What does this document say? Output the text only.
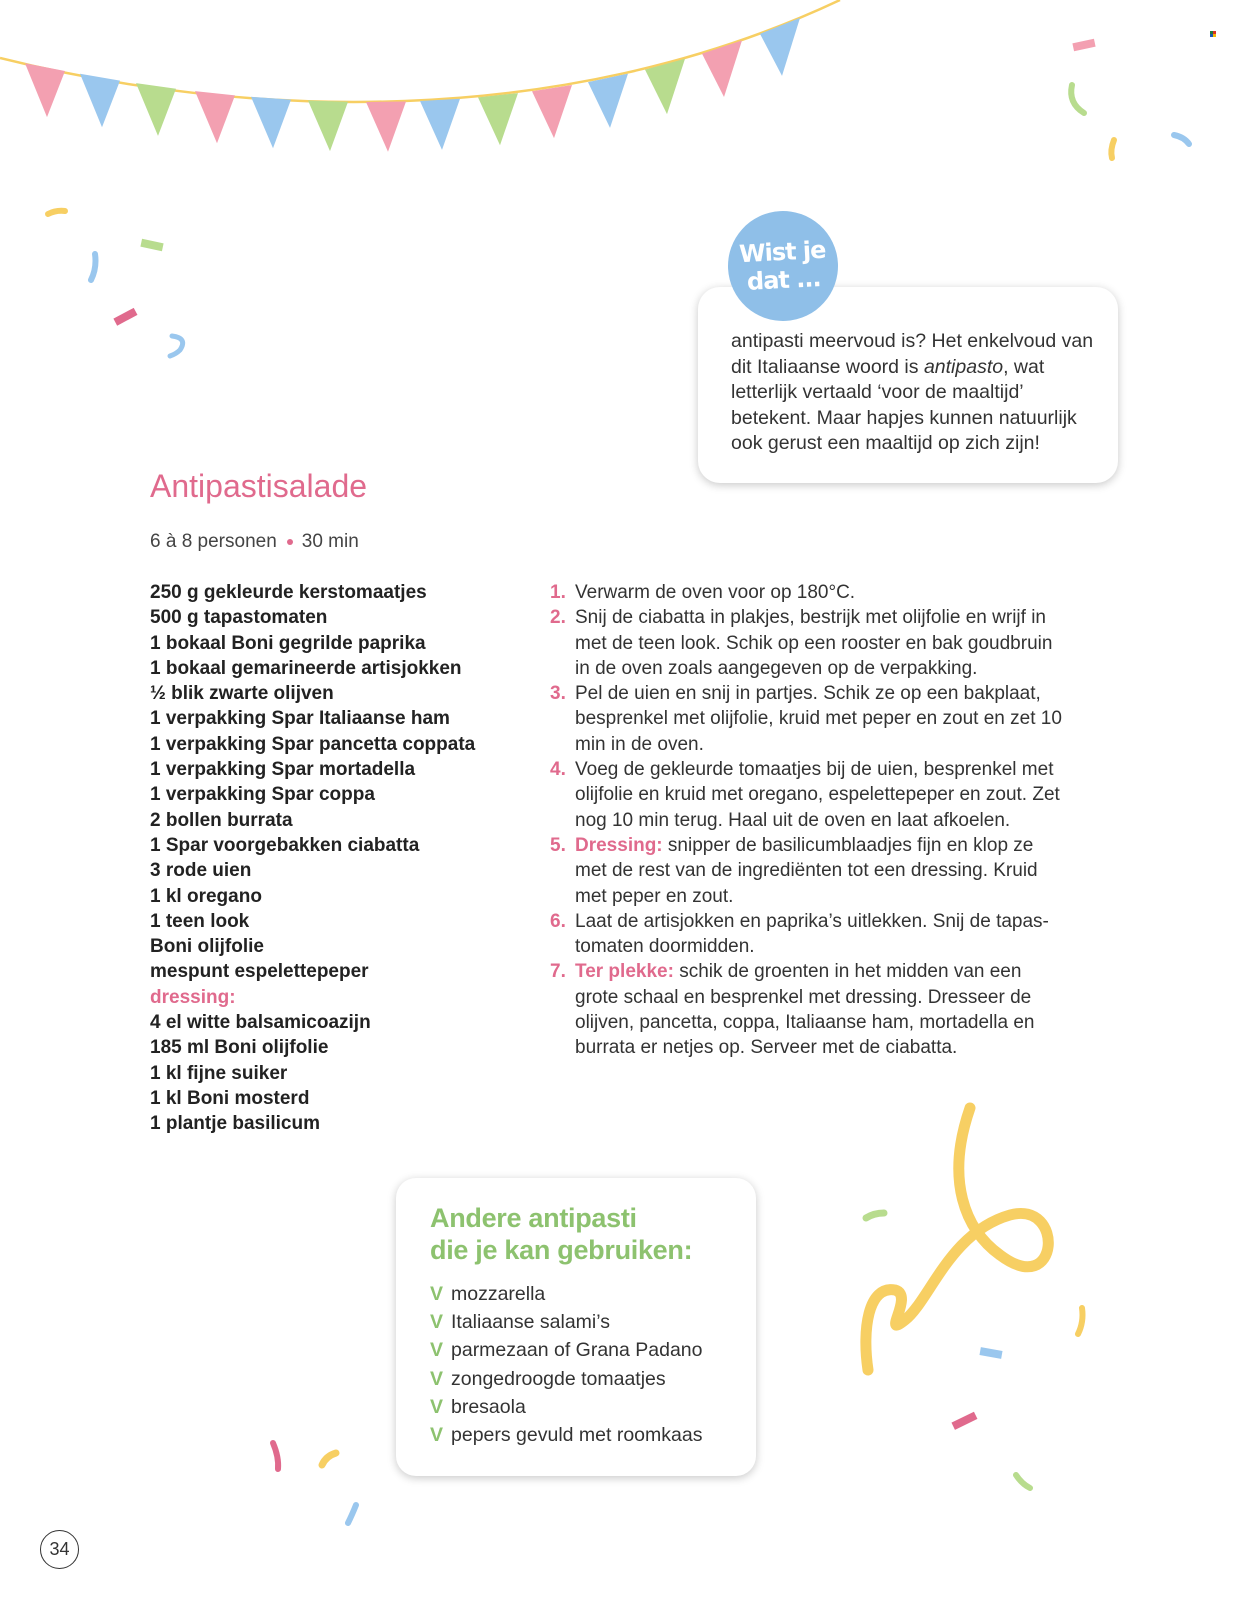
antipasti meervoud is? Het enkelvoud van dit Italiaanse woord is antipasto, wat letterlijk vertaald ‘voor de maaltijd’ betekent. Maar hapjes kunnen natuurlijk ook gerust een maaltijd op zich zijn!

Wist je
dat ...
Antipastisalade
6 à 8 personen 30 min
250 g gekleurde kerstomaatjes
500 g tapastomaten
1 bokaal Boni gegrilde paprika
1 bokaal gemarineerde artisjokken
½ blik zwarte olijven
1 verpakking Spar Italiaanse ham
1 verpakking Spar pancetta coppata
1 verpakking Spar mortadella
1 verpakking Spar coppa
2 bollen burrata
1 Spar voorgebakken ciabatta
3 rode uien
1 kl oregano
1 teen look
Boni olijfolie
mespunt espelettepeper
dressing:
4 el witte balsamicoazijn
185 ml Boni olijfolie
1 kl fijne suiker
1 kl Boni mosterd
1 plantje basilicum
1. Verwarm de oven voor op 180°C.
2. Snij de ciabatta in plakjes, bestrijk met olijfolie en wrijf in met de teen look. Schik op een rooster en bak goudbruin in de oven zoals aangegeven op de verpakking.
3. Pel de uien en snij in partjes. Schik ze op een bakplaat, besprenkel met olijfolie, kruid met peper en zout en zet 10 min in de oven.
4. Voeg de gekleurde tomaatjes bij de uien, besprenkel met olijfolie en kruid met oregano, espelettepeper en zout. Zet nog 10 min terug. Haal uit de oven en laat afkoelen.
5. Dressing: snipper de basilicumblaadjes fijn en klop ze met de rest van de ingrediënten tot een dressing. Kruid met peper en zout.
6. Laat de artisjokken en paprika’s uitlekken. Snij de tapas-tomaten doormidden.
7. Ter plekke: schik de groenten in het midden van een grote schaal en besprenkel met dressing. Dresseer de olijven, pancetta, coppa, Italiaanse ham, mortadella en burrata er netjes op. Serveer met de ciabatta.
Andere antipasti
die je kan gebruiken:
V mozzarella
V Italiaanse salami’s
V parmezaan of Grana Padano
V zongedroogde tomaatjes
V bresaola
V pepers gevuld met roomkaas
34
